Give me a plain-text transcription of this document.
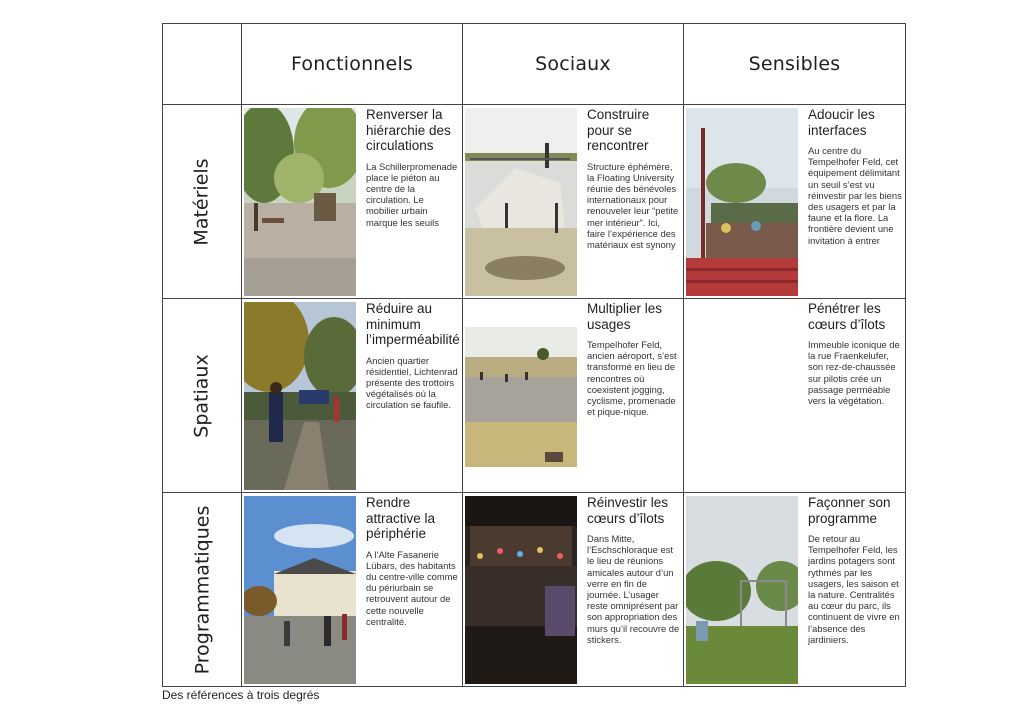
Fonctionnels	Sociaux	Sensibles
Matériels
Renverser la hiérarchie des circulations

La Schillerpromenade place le piéton au centre de la circulation. Le mobilier urbain marque les seuils

Construire pour se rencontrer

Structure éphémère, la Floating University réunie des bénévoles internationaux pour renouveler leur “petite mer intérieur”. Ici, faire l’expérience des matériaux est synony

Adoucir les interfaces

Au centre du Tempelhofer Feld, cet équipement délimitant un seuil s’est vu réinvestir par les biens des usagers et par la faune et la flore. La frontière devient une invitation à entrer

Spatiaux
Réduire au minimum l’imperméabilité

Ancien quartier résidentiel, Lichtenrad présente des trottoirs végétalisés où la circulation se faufile.

Multiplier les usages

Tempelhofer Feld, ancien aéroport, s’est transformé en lieu de rencontres où coexistent jogging, cyclisme, promenade et pique-nique.

Pénétrer les cœurs d’îlots

Immeuble iconique de la rue Fraenkelufer, son rez-de-chaussée sur pilotis crée un passage perméable vers la végétation.

Programmatiques
Rendre attractive la périphérie

A l’Alte Fasanerie Lübars, des habitants du centre-ville comme du périurbain se retrouvent autour de cette nouvelle centralité.

Réinvestir les cœurs d’îlots

Dans Mitte, l’Eschschloraque est le lieu de réunions amicales autour d’un verre en fin de journée. L’usager reste omniprésent par son appropriation des murs qu’il recouvre de stickers.

Façonner son programme

De retour au Tempelhofer Feld, les jardins potagers sont rythmés par les usagers, les saison et la nature. Centralités au cœur du parc, ils continuent de vivre en l’absence des jardiniers.

Des références à trois degrés
